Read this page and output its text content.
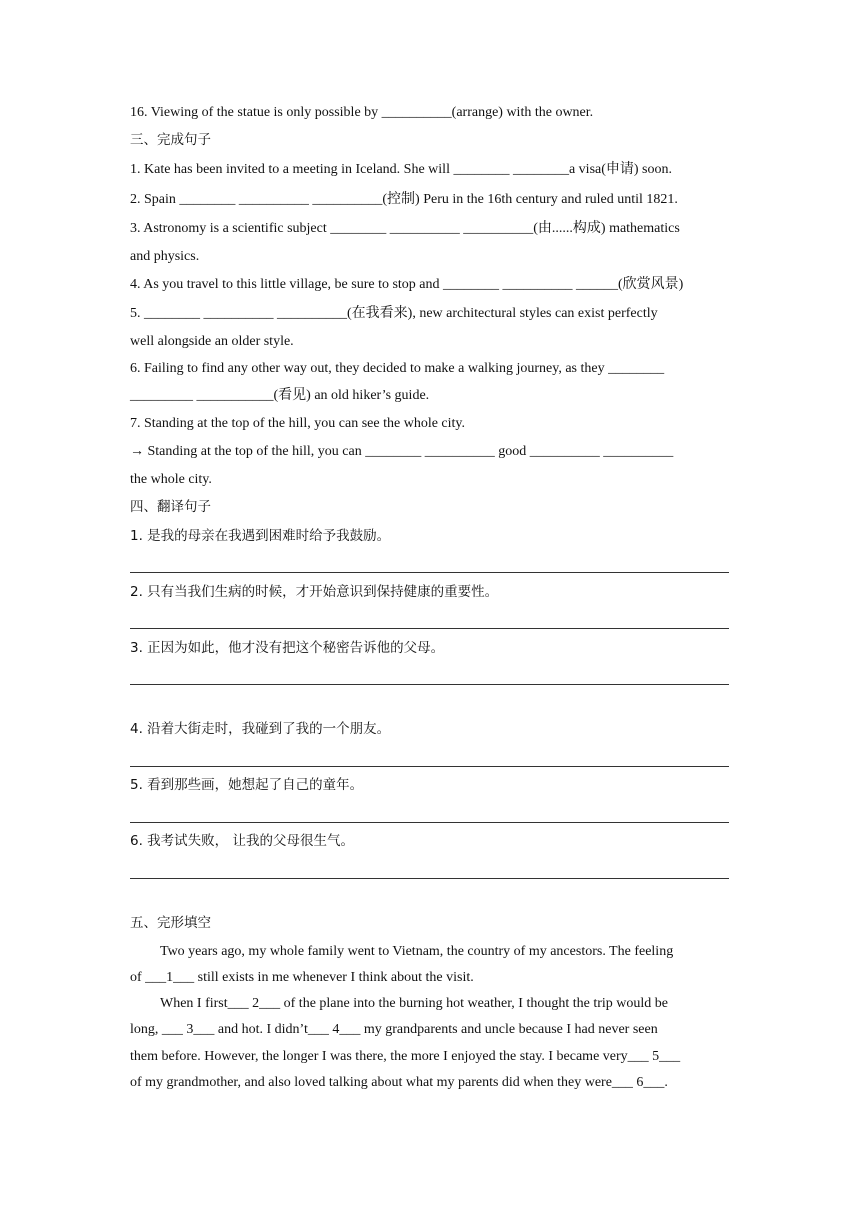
16. Viewing of the statue is only possible by __________(arrange) with the owner.
三、完成句子
1. Kate has been invited to a meeting in Iceland. She will ________ ________a visa(申请) soon.
2. Spain ________ __________ __________(控制) Peru in the 16th century and ruled until 1821.
3. Astronomy is a scientific subject ________ __________ __________(由......构成) mathematics
and physics.
4. As you travel to this little village, be sure to stop and ________ __________ ______(欣赏风景)
5. ________ __________ __________(在我看来), new architectural styles can exist perfectly
well alongside an older style.
6. Failing to find any other way out, they decided to make a walking journey, as they ________
_________ ___________(看见) an old hiker’s guide.
7. Standing at the top of the hill, you can see the whole city.
→ Standing at the top of the hill, you can ________ __________ good __________ __________
the whole city.
四、翻译句子
1. 是我的母亲在我遇到困难时给予我鼓励。
2. 只有当我们生病的时候，才开始意识到保持健康的重要性。
3. 正因为如此，他才没有把这个秘密告诉他的父母。
4. 沿着大街走时，我碰到了我的一个朋友。
5. 看到那些画，她想起了自己的童年。
6. 我考试失败， 让我的父母很生气。
五、完形填空
Two years ago, my whole family went to Vietnam, the country of my ancestors. The feeling
of ___1___ still exists in me whenever I think about the visit.
When I first___ 2___ of the plane into the burning hot weather, I thought the trip would be
long, ___ 3___ and hot. I didn’t___ 4___ my grandparents and uncle because I had never seen
them before. However, the longer I was there, the more I enjoyed the stay. I became very___ 5___
of my grandmother, and also loved talking about what my parents did when they were___ 6___.
